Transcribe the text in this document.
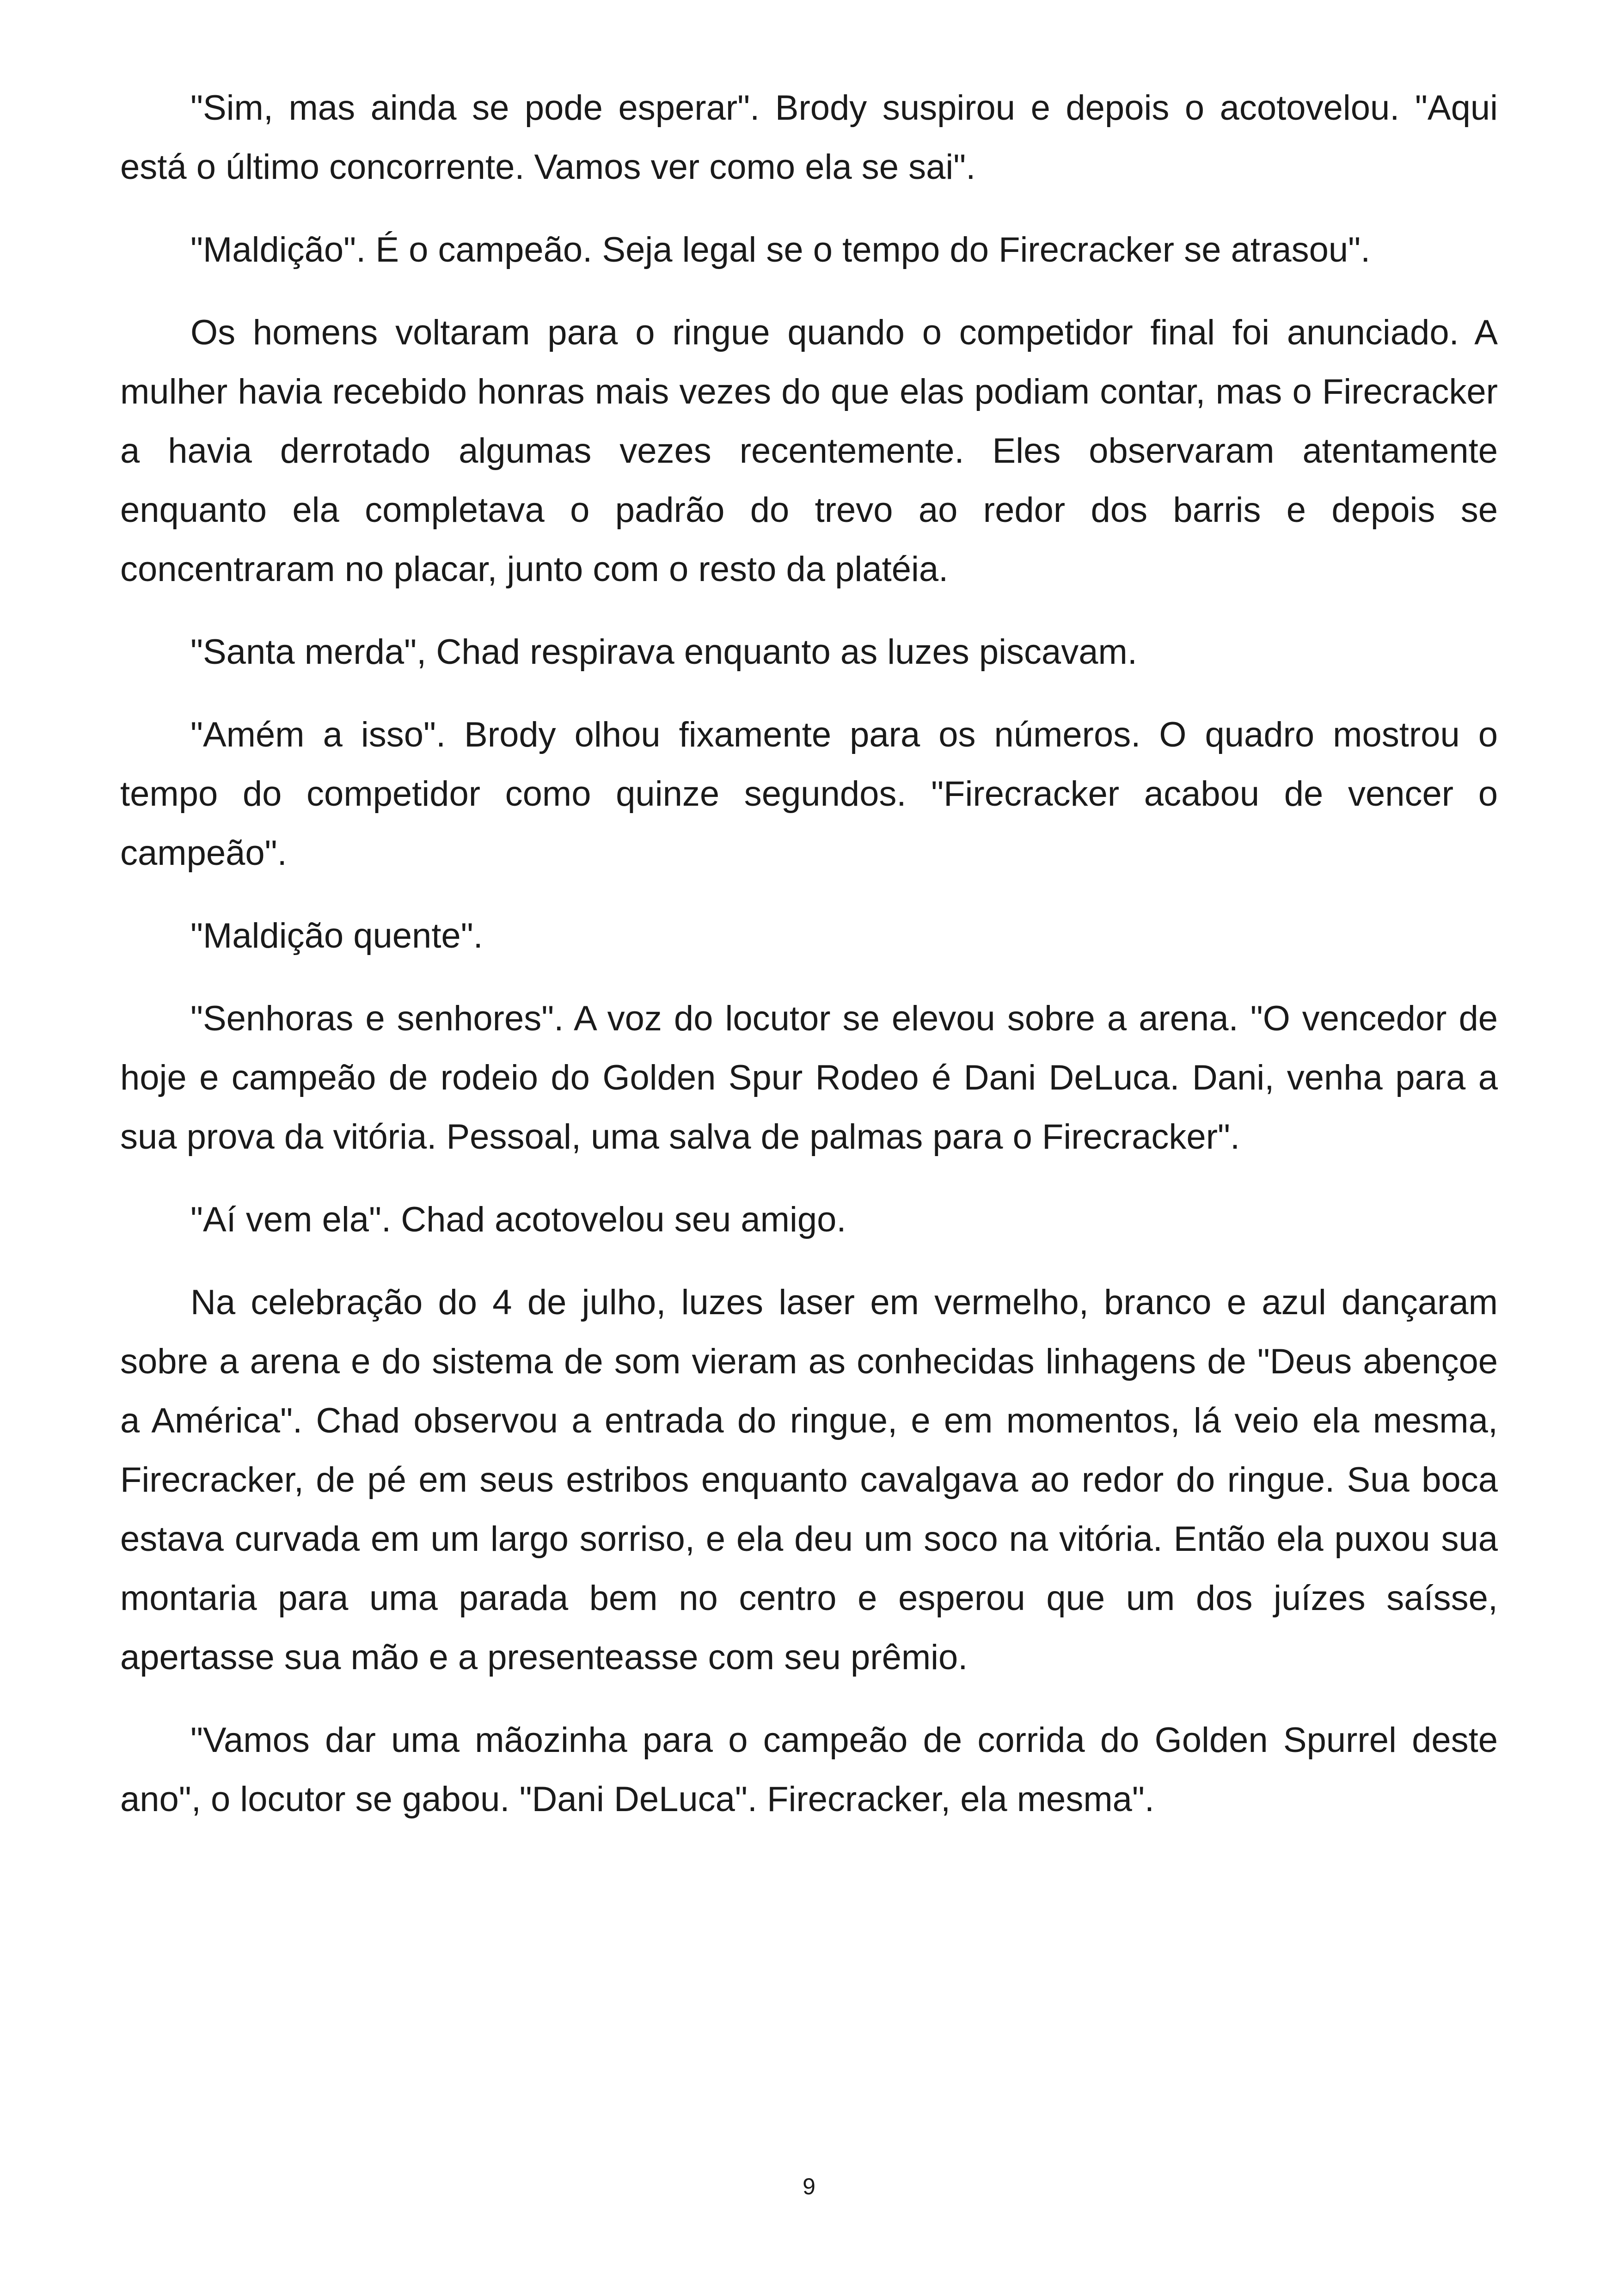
"Sim, mas ainda se pode esperar". Brody suspirou e depois o acotovelou. "Aqui está o último concorrente. Vamos ver como ela se sai".

"Maldição". É o campeão. Seja legal se o tempo do Firecracker se atrasou".

Os homens voltaram para o ringue quando o competidor final foi anunciado. A mulher havia recebido honras mais vezes do que elas podiam contar, mas o Firecracker a havia derrotado algumas vezes recentemente. Eles observaram atentamente enquanto ela completava o padrão do trevo ao redor dos barris e depois se concentraram no placar, junto com o resto da platéia.

"Santa merda", Chad respirava enquanto as luzes piscavam.

"Amém a isso". Brody olhou fixamente para os números. O quadro mostrou o tempo do competidor como quinze segundos. "Firecracker acabou de vencer o campeão".

"Maldição quente".

"Senhoras e senhores". A voz do locutor se elevou sobre a arena. "O vencedor de hoje e campeão de rodeio do Golden Spur Rodeo é Dani DeLuca. Dani, venha para a sua prova da vitória. Pessoal, uma salva de palmas para o Firecracker".

"Aí vem ela". Chad acotovelou seu amigo.

Na celebração do 4 de julho, luzes laser em vermelho, branco e azul dançaram sobre a arena e do sistema de som vieram as conhecidas linhagens de "Deus abençoe a América". Chad observou a entrada do ringue, e em momentos, lá veio ela mesma, Firecracker, de pé em seus estribos enquanto cavalgava ao redor do ringue. Sua boca estava curvada em um largo sorriso, e ela deu um soco na vitória. Então ela puxou sua montaria para uma parada bem no centro e esperou que um dos juízes saísse, apertasse sua mão e a presenteasse com seu prêmio.

"Vamos dar uma mãozinha para o campeão de corrida do Golden Spurrel deste ano", o locutor se gabou. "Dani DeLuca". Firecracker, ela mesma".

9
